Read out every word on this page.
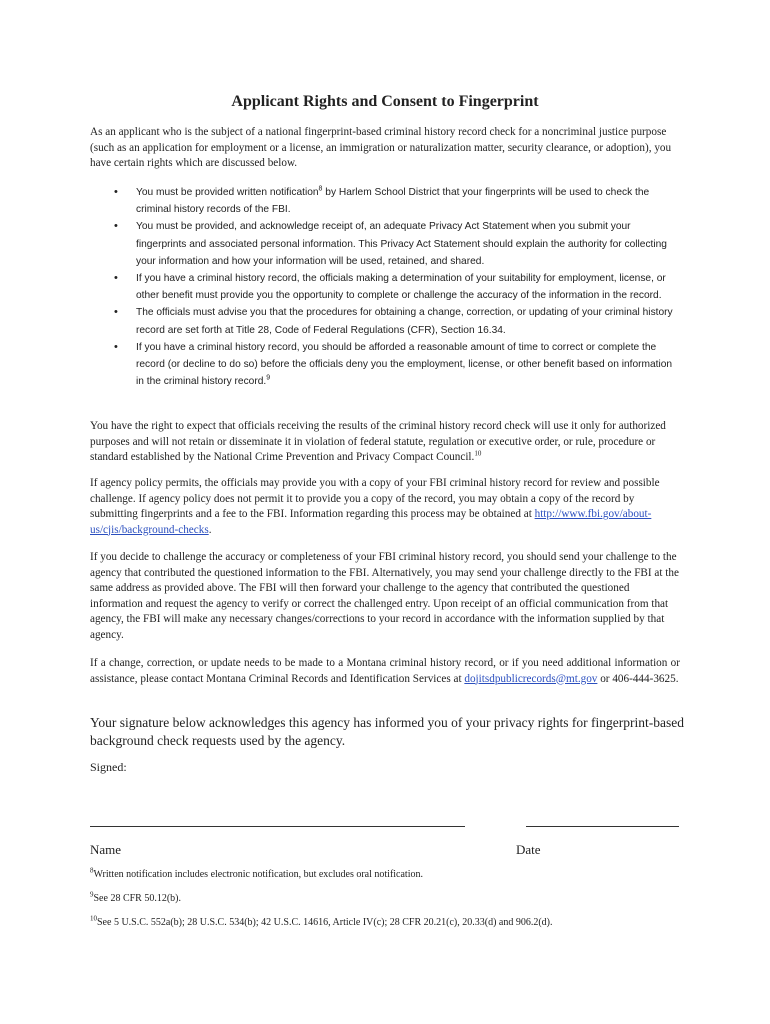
Applicant Rights and Consent to Fingerprint

As an applicant who is the subject of a national fingerprint-based criminal history record check for a noncriminal justice purpose (such as an application for employment or a license, an immigration or naturalization matter, security clearance, or adoption), you have certain rights which are discussed below.

• You must be provided written notification$^8$ by Harlem School District that your fingerprints will be used to check the criminal history records of the FBI.
• You must be provided, and acknowledge receipt of, an adequate Privacy Act Statement when you submit your fingerprints and associated personal information. This Privacy Act Statement should explain the authority for collecting your information and how your information will be used, retained, and shared.
• If you have a criminal history record, the officials making a determination of your suitability for employment, license, or other benefit must provide you the opportunity to complete or challenge the accuracy of the information in the record.
• The officials must advise you that the procedures for obtaining a change, correction, or updating of your criminal history record are set forth at Title 28, Code of Federal Regulations (CFR), Section 16.34.
• If you have a criminal history record, you should be afforded a reasonable amount of time to correct or complete the record (or decline to do so) before the officials deny you the employment, license, or other benefit based on information in the criminal history record.$^9$

You have the right to expect that officials receiving the results of the criminal history record check will use it only for authorized purposes and will not retain or disseminate it in violation of federal statute, regulation or executive order, or rule, procedure or standard established by the National Crime Prevention and Privacy Compact Council.$^{10}$

If agency policy permits, the officials may provide you with a copy of your FBI criminal history record for review and possible challenge. If agency policy does not permit it to provide you a copy of the record, you may obtain a copy of the record by submitting fingerprints and a fee to the FBI. Information regarding this process may be obtained at http://www.fbi.gov/about-us/cjis/background-checks.

If you decide to challenge the accuracy or completeness of your FBI criminal history record, you should send your challenge to the agency that contributed the questioned information to the FBI. Alternatively, you may send your challenge directly to the FBI at the same address as provided above. The FBI will then forward your challenge to the agency that contributed the questioned information and request the agency to verify or correct the challenged entry. Upon receipt of an official communication from that agency, the FBI will make any necessary changes/corrections to your record in accordance with the information supplied by that agency.

If a change, correction, or update needs to be made to a Montana criminal history record, or if you need additional information or assistance, please contact Montana Criminal Records and Identification Services at dojitsdpublicrecords@mt.gov or 406-444-3625.

Your signature below acknowledges this agency has informed you of your privacy rights for fingerprint-based background check requests used by the agency.

Signed:
Name	Date
$^8$Written notification includes electronic notification, but excludes oral notification.
$^9$See 28 CFR 50.12(b).
$^{10}$See 5 U.S.C. 552a(b); 28 U.S.C. 534(b); 42 U.S.C. 14616, Article IV(c); 28 CFR 20.21(c), 20.33(d) and 906.2(d).
